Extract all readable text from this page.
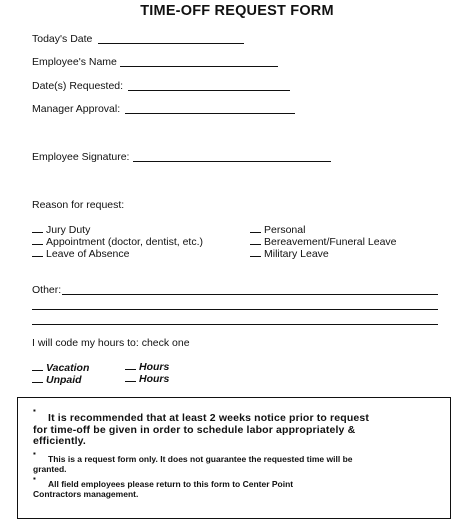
TIME-OFF REQUEST FORM
Today's Date
Employee's Name
Date(s) Requested:
Manager Approval:
Employee Signature:
Reason for request:
Jury Duty
Appointment (doctor, dentist, etc.)
Leave of Absence
Personal
Bereavement/Funeral Leave
Military Leave
Other:
I will code my hours to: check one
Vacation	Hours
Unpaid	Hours
▪
It is recommended that at least 2 weeks notice prior to request
for time-off be given in order to schedule labor appropriately &
efficiently.
▪
This is a request form only. It does not guarantee the requested time will be
granted.
▪
All field employees please return to this form to Center Point
Contractors management.
